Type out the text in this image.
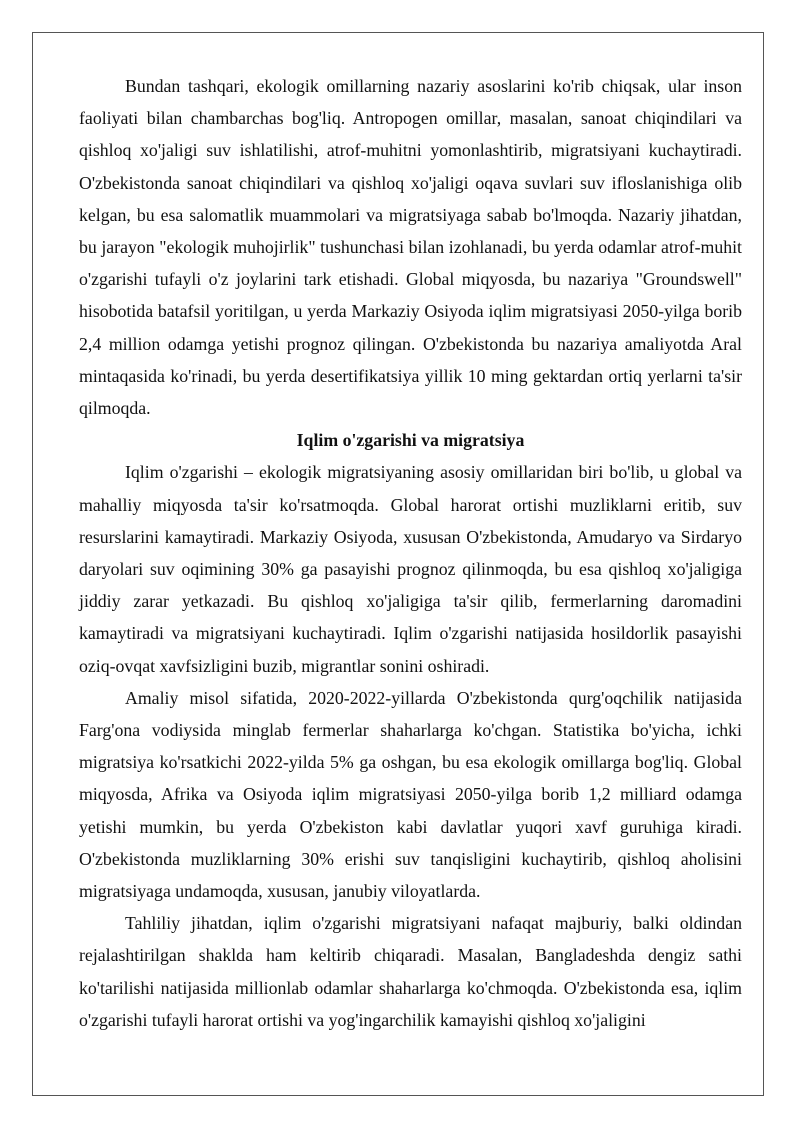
Bundan tashqari, ekologik omillarning nazariy asoslarini ko'rib chiqsak, ular inson faoliyati bilan chambarchas bog'liq. Antropogen omillar, masalan, sanoat chiqindilari va qishloq xo'jaligi suv ishlatilishi, atrof-muhitni yomonlashtirib, migratsiyani kuchaytiradi. O'zbekistonda sanoat chiqindilari va qishloq xo'jaligi oqava suvlari suv ifloslanishiga olib kelgan, bu esa salomatlik muammolari va migratsiyaga sabab bo'lmoqda. Nazariy jihatdan, bu jarayon "ekologik muhojirlik" tushunchasi bilan izohlanadi, bu yerda odamlar atrof-muhit o'zgarishi tufayli o'z joylarini tark etishadi. Global miqyosda, bu nazariya "Groundswell" hisobotida batafsil yoritilgan, u yerda Markaziy Osiyoda iqlim migratsiyasi 2050-yilga borib 2,4 million odamga yetishi prognoz qilingan. O'zbekistonda bu nazariya amaliyotda Aral mintaqasida ko'rinadi, bu yerda desertifikatsiya yillik 10 ming gektardan ortiq yerlarni ta'sir qilmoqda.

Iqlim o'zgarishi va migratsiya

Iqlim o'zgarishi – ekologik migratsiyaning asosiy omillaridan biri bo'lib, u global va mahalliy miqyosda ta'sir ko'rsatmoqda. Global harorat ortishi muzliklarni eritib, suv resurslarini kamaytiradi. Markaziy Osiyoda, xususan O'zbekistonda, Amudaryo va Sirdaryo daryolari suv oqimining 30% ga pasayishi prognoz qilinmoqda, bu esa qishloq xo'jaligiga jiddiy zarar yetkazadi. Bu qishloq xo'jaligiga ta'sir qilib, fermerlarning daromadini kamaytiradi va migratsiyani kuchaytiradi. Iqlim o'zgarishi natijasida hosildorlik pasayishi oziq-ovqat xavfsizligini buzib, migrantlar sonini oshiradi.

Amaliy misol sifatida, 2020-2022-yillarda O'zbekistonda qurg'oqchilik natijasida Farg'ona vodiysida minglab fermerlar shaharlarga ko'chgan. Statistika bo'yicha, ichki migratsiya ko'rsatkichi 2022-yilda 5% ga oshgan, bu esa ekologik omillarga bog'liq. Global miqyosda, Afrika va Osiyoda iqlim migratsiyasi 2050-yilga borib 1,2 milliard odamga yetishi mumkin, bu yerda O'zbekiston kabi davlatlar yuqori xavf guruhiga kiradi. O'zbekistonda muzliklarning 30% erishi suv tanqisligini kuchaytirib, qishloq aholisini migratsiyaga undamoqda, xususan, janubiy viloyatlarda.

Tahliliy jihatdan, iqlim o'zgarishi migratsiyani nafaqat majburiy, balki oldindan rejalashtirilgan shaklda ham keltirib chiqaradi. Masalan, Bangladeshda dengiz sathi ko'tarilishi natijasida millionlab odamlar shaharlarga ko'chmoqda. O'zbekistonda esa, iqlim o'zgarishi tufayli harorat ortishi va yog'ingarchilik kamayishi qishloq xo'jaligini
